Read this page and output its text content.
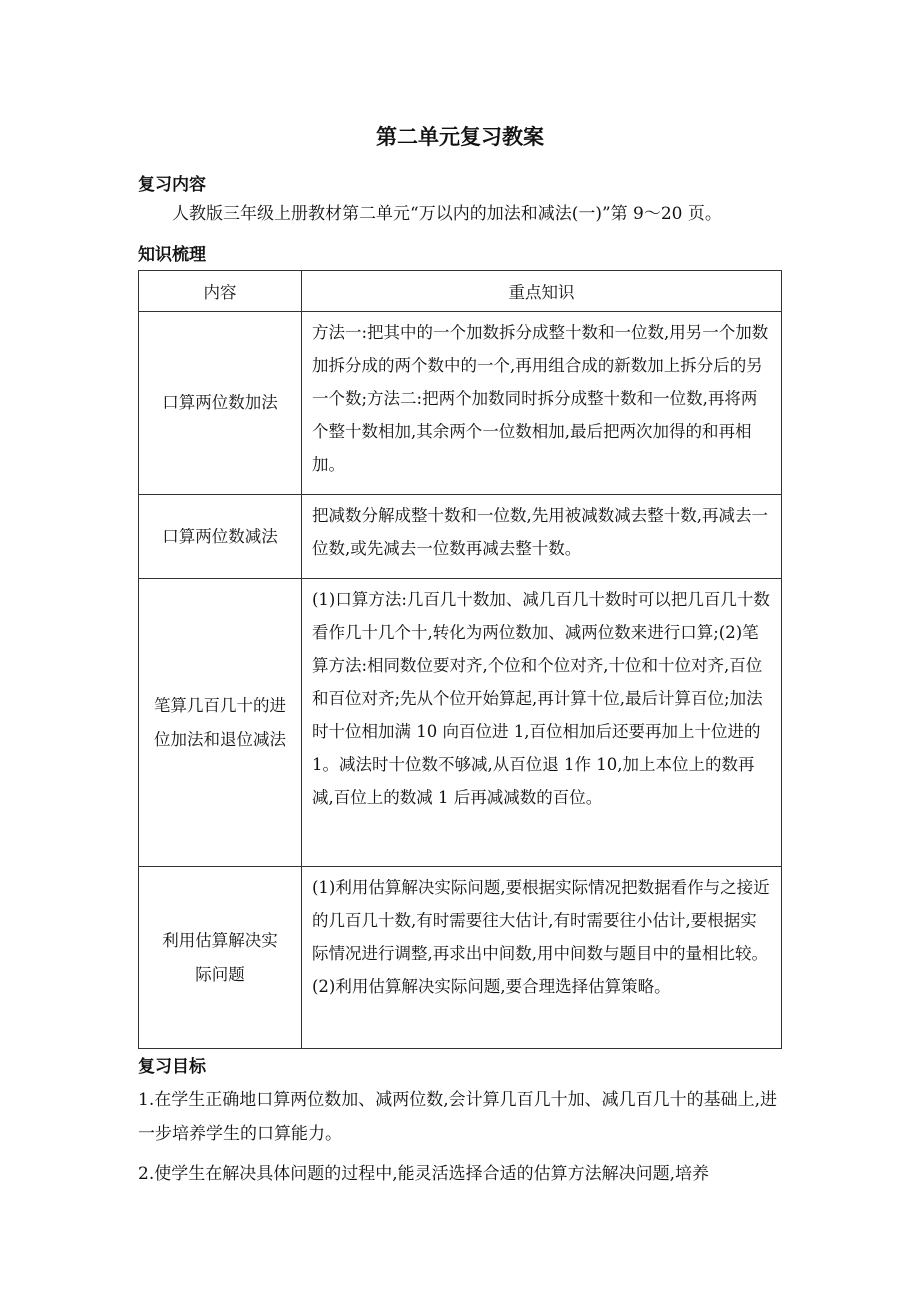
第二单元复习教案
复习内容
人教版三年级上册教材第二单元“万以内的加法和减法(一)”第 9～20 页。
知识梳理
内容	重点知识
口算两位数加法	方法一:把其中的一个加数拆分成整十数和一位数,用另一个加数加拆分成的两个数中的一个,再用组合成的新数加上拆分后的另一个数;方法二:把两个加数同时拆分成整十数和一位数,再将两个整十数相加,其余两个一位数相加,最后把两次加得的和再相加。
口算两位数减法	把减数分解成整十数和一位数,先用被减数减去整十数,再减去一位数,或先减去一位数再减去整十数。
笔算几百几十的进位加法和退位减法	(1)口算方法:几百几十数加、减几百几十数时可以把几百几十数看作几十几个十,转化为两位数加、减两位数来进行口算;(2)笔算方法:相同数位要对齐,个位和个位对齐,十位和十位对齐,百位和百位对齐;先从个位开始算起,再计算十位,最后计算百位;加法时十位相加满 10 向百位进 1,百位相加后还要再加上十位进的 1。减法时十位数不够减,从百位退 1作 10,加上本位上的数再减,百位上的数减 1 后再减减数的百位。
利用估算解决实际问题	(1)利用估算解决实际问题,要根据实际情况把数据看作与之接近的几百几十数,有时需要往大估计,有时需要往小估计,要根据实际情况进行调整,再求出中间数,用中间数与题目中的量相比较。
(2)利用估算解决实际问题,要合理选择估算策略。
复习目标
1.在学生正确地口算两位数加、减两位数,会计算几百几十加、减几百几十的基础上,进一步培养学生的口算能力。
2.使学生在解决具体问题的过程中,能灵活选择合适的估算方法解决问题,培养
